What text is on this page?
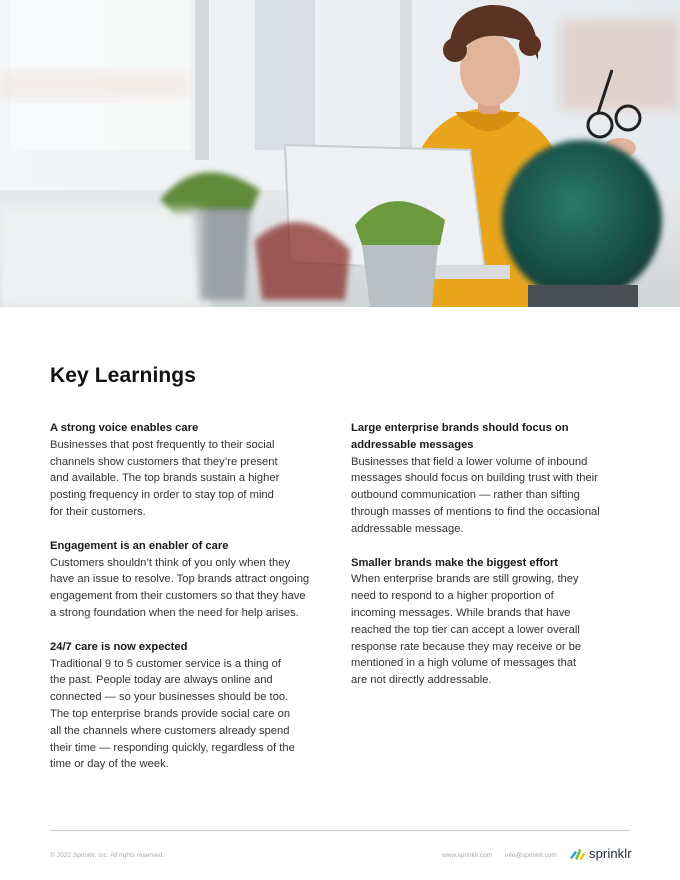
Key Learnings
A strong voice enables care

Businesses that post frequently to their social
channels show customers that they’re present
and available. The top brands sustain a higher
posting frequency in order to stay top of mind
for their customers.

Engagement is an enabler of care

Customers shouldn’t think of you only when they
have an issue to resolve. Top brands attract ongoing
engagement from their customers so that they have
a strong foundation when the need for help arises.

24/7 care is now expected

Traditional 9 to 5 customer service is a thing of
the past. People today are always online and
connected — so your businesses should be too.
The top enterprise brands provide social care on
all the channels where customers already spend
their time — responding quickly, regardless of the
time or day of the week.

Large enterprise brands should focus on
addressable messages

Businesses that field a lower volume of inbound
messages should focus on building trust with their
outbound communication — rather than sifting
through masses of mentions to find the occasional
addressable message.

Smaller brands make the biggest effort

When enterprise brands are still growing, they
need to respond to a higher proportion of
incoming messages. While brands that have
reached the top tier can accept a lower overall
response rate because they may receive or be
mentioned in a high volume of messages that
are not directly addressable.

© 2022 Sprinklr, Inc. All rights reserved.	www.sprinklr.com info@sprinklr.com sprinklr
